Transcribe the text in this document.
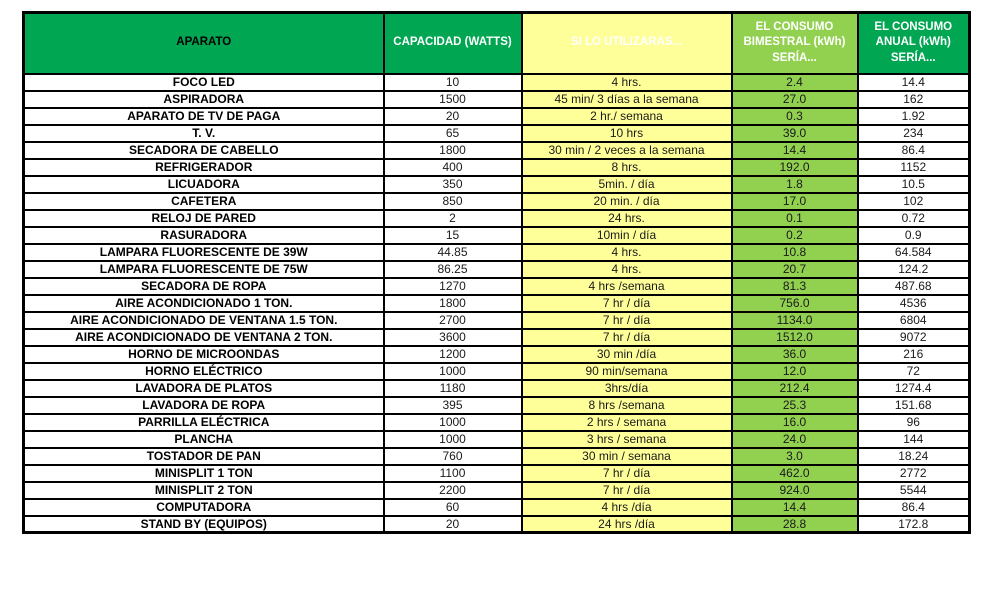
APARATO	CAPACIDAD (WATTS)	SI LO UTILIZARAS...	EL CONSUMO BIMESTRAL (kWh) SERÍA...	EL CONSUMO ANUAL (kWh) SERÍA...
FOCO LED	10	4 hrs.	2.4	14.4
ASPIRADORA	1500	45 min/ 3 días a la semana	27.0	162
APARATO DE TV DE PAGA	20	2 hr./ semana	0.3	1.92
T. V.	65	10 hrs	39.0	234
SECADORA DE CABELLO	1800	30 min / 2 veces a la semana	14.4	86.4
REFRIGERADOR	400	8 hrs.	192.0	1152
LICUADORA	350	5min. / día	1.8	10.5
CAFETERA	850	20 min. / día	17.0	102
RELOJ DE PARED	2	24 hrs.	0.1	0.72
RASURADORA	15	10min / día	0.2	0.9
LAMPARA FLUORESCENTE DE 39W	44.85	4 hrs.	10.8	64.584
LAMPARA FLUORESCENTE DE 75W	86.25	4 hrs.	20.7	124.2
SECADORA DE ROPA	1270	4 hrs /semana	81.3	487.68
AIRE ACONDICIONADO 1 TON.	1800	7 hr / día	756.0	4536
AIRE ACONDICIONADO DE VENTANA 1.5 TON.	2700	7 hr / día	1134.0	6804
AIRE ACONDICIONADO DE VENTANA 2 TON.	3600	7 hr / día	1512.0	9072
HORNO DE MICROONDAS	1200	30 min /día	36.0	216
HORNO ELÉCTRICO	1000	90 min/semana	12.0	72
LAVADORA DE PLATOS	1180	3hrs/día	212.4	1274.4
LAVADORA DE ROPA	395	8 hrs /semana	25.3	151.68
PARRILLA ELÉCTRICA	1000	2 hrs / semana	16.0	96
PLANCHA	1000	3 hrs / semana	24.0	144
TOSTADOR DE PAN	760	30 min / semana	3.0	18.24
MINISPLIT 1 TON	1100	7 hr / día	462.0	2772
MINISPLIT 2 TON	2200	7 hr / día	924.0	5544
COMPUTADORA	60	4 hrs /día	14.4	86.4
STAND BY (EQUIPOS)	20	24 hrs /día	28.8	172.8
